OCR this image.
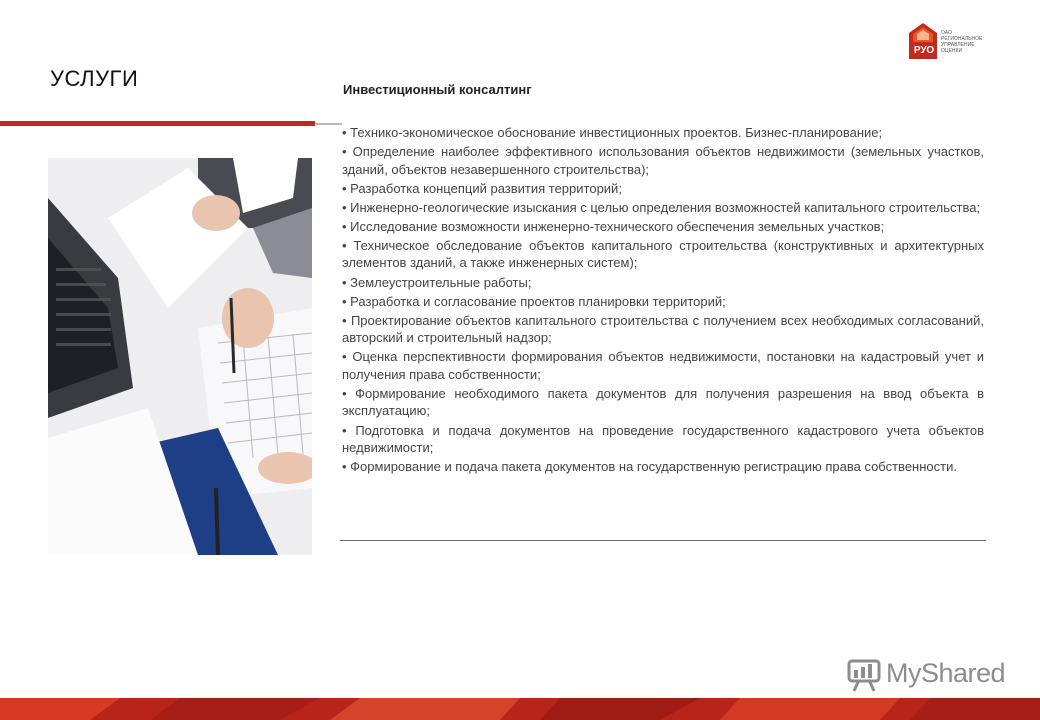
УСЛУГИ
РУО
ОАО
РЕГИОНАЛЬНОЕ
УПРАВЛЕНИЕ
ОЦЕНКИ
Инвестиционный консалтинг
• Технико-экономическое обоснование инвестиционных проектов. Бизнес-планирование;
• Определение наиболее эффективного использования объектов недвижимости (земельных участков, зданий, объектов незавершенного строительства);
• Разработка концепций развития территорий;
• Инженерно-геологические изыскания с целью определения возможностей капитального строительства;
• Исследование возможности инженерно-технического обеспечения земельных участков;
• Техническое обследование объектов капитального строительства (конструктивных и архитектурных элементов зданий, а также инженерных систем);
• Землеустроительные работы;
• Разработка и согласование проектов планировки территорий;
• Проектирование объектов капитального строительства с получением всех необходимых согласований, авторский и строительный надзор;
• Оценка перспективности формирования объектов недвижимости, постановки на кадастровый учет и получения права собственности;
• Формирование необходимого пакета документов для получения разрешения на ввод объекта в эксплуатацию;
• Подготовка и подача документов на проведение государственного кадастрового учета объектов недвижимости;
• Формирование и подача пакета документов на государственную регистрацию права собственности.
MyShared
